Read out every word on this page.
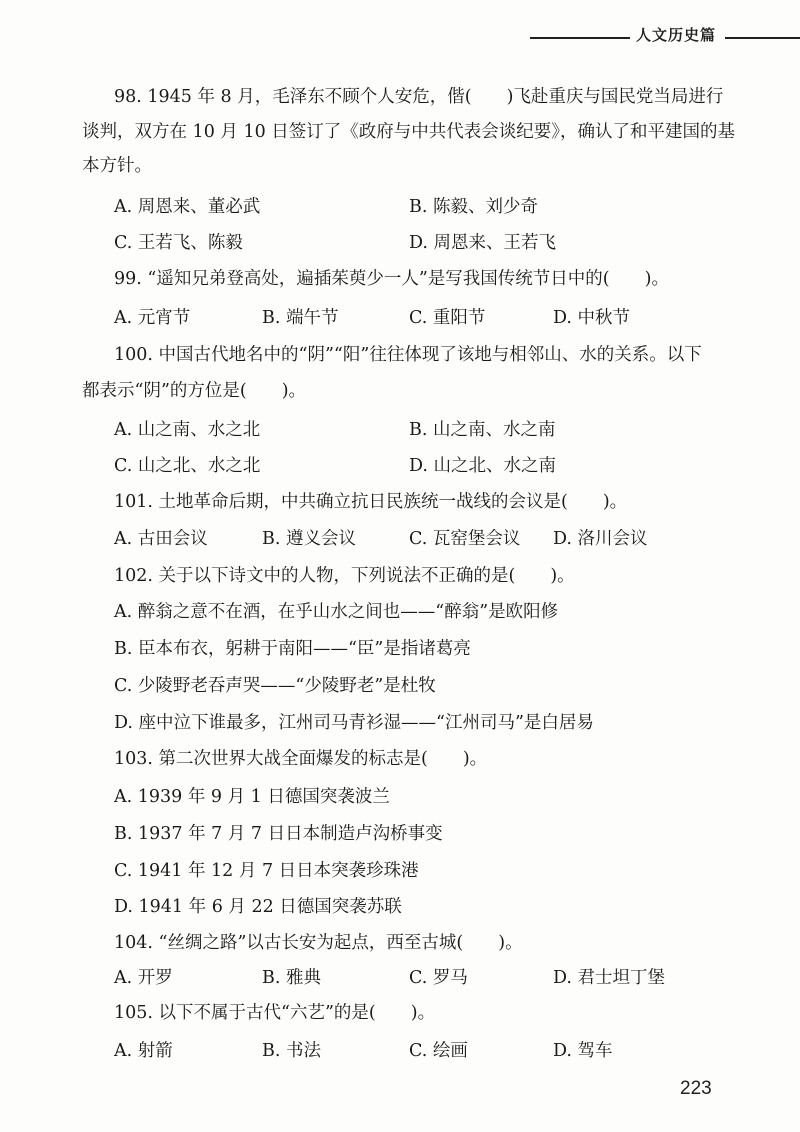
人文历史篇
98. 1945 年 8 月，毛泽东不顾个人安危，偕(　　)飞赴重庆与国民党当局进行
谈判，双方在 10 月 10 日签订了《政府与中共代表会谈纪要》，确认了和平建国的基
本方针。
A. 周恩来、董必武	B. 陈毅、刘少奇
C. 王若飞、陈毅	D. 周恩来、王若飞
99. “遥知兄弟登高处，遍插茱萸少一人”是写我国传统节日中的(　　)。
A. 元宵节	B. 端午节	C. 重阳节	D. 中秋节
100. 中国古代地名中的“阴”“阳”往往体现了该地与相邻山、水的关系。以下
都表示“阴”的方位是(　　)。
A. 山之南、水之北	B. 山之南、水之南
C. 山之北、水之北	D. 山之北、水之南
101. 土地革命后期，中共确立抗日民族统一战线的会议是(　　)。
A. 古田会议	B. 遵义会议	C. 瓦窑堡会议 D. 洛川会议
102. 关于以下诗文中的人物，下列说法不正确的是(　　)。
A. 醉翁之意不在酒，在乎山水之间也——“醉翁”是欧阳修
B. 臣本布衣，躬耕于南阳——“臣”是指诸葛亮
C. 少陵野老吞声哭——“少陵野老”是杜牧
D. 座中泣下谁最多，江州司马青衫湿——“江州司马”是白居易
103. 第二次世界大战全面爆发的标志是(　　)。
A. 1939 年 9 月 1 日德国突袭波兰
B. 1937 年 7 月 7 日日本制造卢沟桥事变
C. 1941 年 12 月 7 日日本突袭珍珠港
D. 1941 年 6 月 22 日德国突袭苏联
104. “丝绸之路”以古长安为起点，西至古城(　　)。
A. 开罗	B. 雅典	C. 罗马	D. 君士坦丁堡
105. 以下不属于古代“六艺”的是(　　)。
A. 射箭	B. 书法	C. 绘画	D. 驾车
223
